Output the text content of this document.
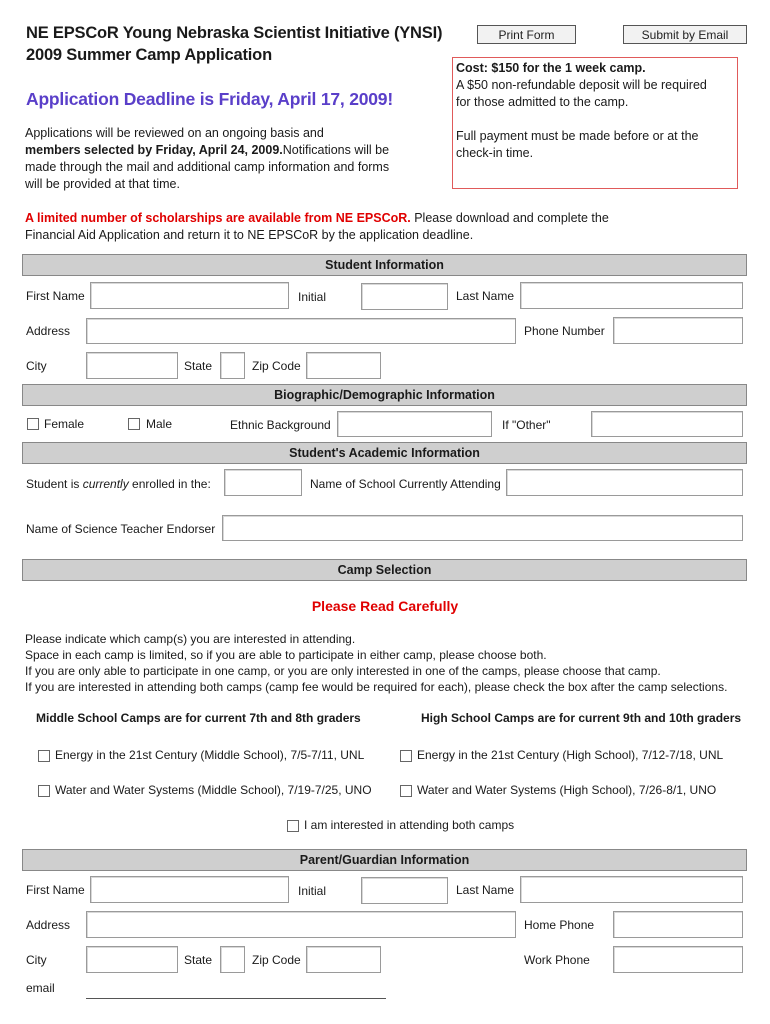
NE EPSCoR Young Nebraska Scientist Initiative (YNSI)
2009 Summer Camp Application
Print Form	Submit by Email
Application Deadline is Friday, April 17, 2009!
Applications will be reviewed on an ongoing basis and
members selected by Friday, April 24, 2009.Notifications will be
made through the mail and additional camp information and forms
will be provided at that time.
Cost: $150 for the 1 week camp.
A $50 non-refundable deposit will be required
for those admitted to the camp.
Full payment must be made before or at the
check-in time.
A limited number of scholarships are available from NE EPSCoR. Please download and complete the
Financial Aid Application and return it to NE EPSCoR by the application deadline.
Student Information
First Name	Initial	Last Name
Address	Phone Number
City	State	Zip Code
Biographic/Demographic Information
Female	Male	Ethnic Background	If "Other"
Student's Academic Information
Student is currently enrolled in the:	Name of School Currently Attending
Name of Science Teacher Endorser
Camp Selection
Please Read Carefully
Please indicate which camp(s) you are interested in attending.
Space in each camp is limited, so if you are able to participate in either camp, please choose both.
If you are only able to participate in one camp, or you are only interested in one of the camps, please choose that camp.
If you are interested in attending both camps (camp fee would be required for each), please check the box after the camp selections.
Middle School Camps are for current 7th and 8th graders	High School Camps are for current 9th and 10th graders
Energy in the 21st Century (Middle School), 7/5-7/11, UNL	Energy in the 21st Century (High School), 7/12-7/18, UNL
Water and Water Systems (Middle School), 7/19-7/25, UNO	Water and Water Systems (High School), 7/26-8/1, UNO
I am interested in attending both camps
Parent/Guardian Information
First Name	Initial	Last Name
Address	Home Phone
City	State	Zip Code	Work Phone
email
